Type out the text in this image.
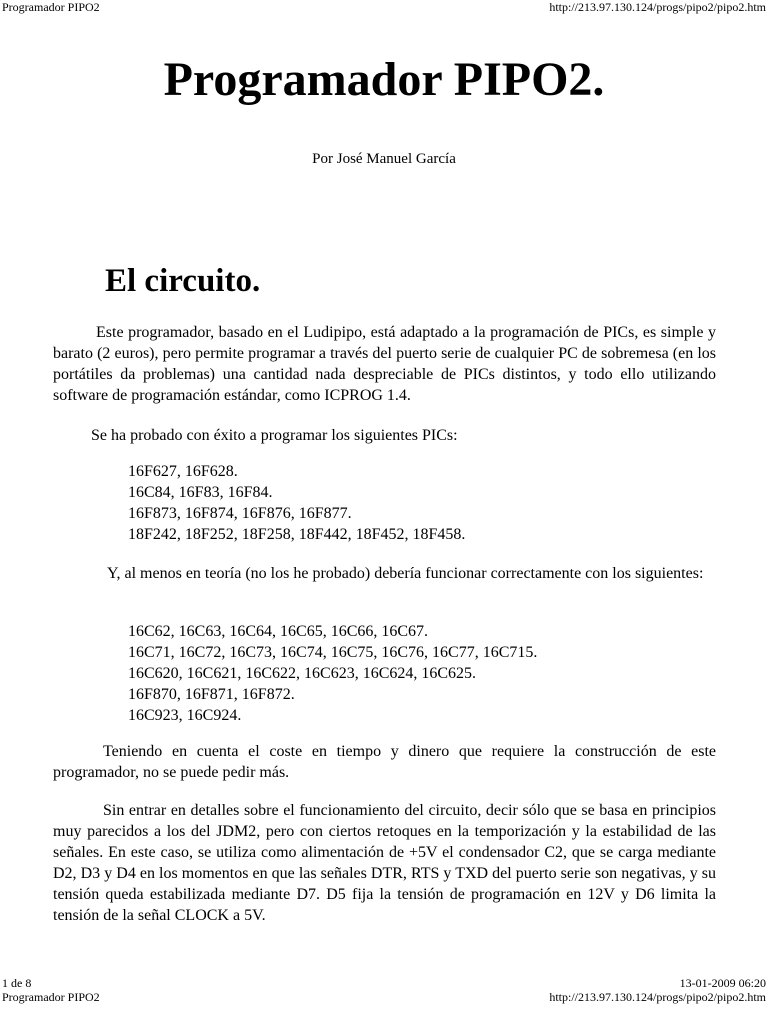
Programador PIPO2	http://213.97.130.124/progs/pipo2/pipo2.htm
Programador PIPO2.
Por José Manuel García
El circuito.
Este programador, basado en el Ludipipo, está adaptado a la programación de PICs, es simple y barato (2 euros), pero permite programar a través del puerto serie de cualquier PC de sobremesa (en los portátiles da problemas) una cantidad nada despreciable de PICs distintos, y todo ello utilizando software de programación estándar, como ICPROG 1.4.
Se ha probado con éxito a programar los siguientes PICs:
16F627, 16F628.
16C84, 16F83, 16F84.
16F873, 16F874, 16F876, 16F877.
18F242, 18F252, 18F258, 18F442, 18F452, 18F458.
Y, al menos en teoría (no los he probado) debería funcionar correctamente con los siguientes:
16C62, 16C63, 16C64, 16C65, 16C66, 16C67.
16C71, 16C72, 16C73, 16C74, 16C75, 16C76, 16C77, 16C715.
16C620, 16C621, 16C622, 16C623, 16C624, 16C625.
16F870, 16F871, 16F872.
16C923, 16C924.
Teniendo en cuenta el coste en tiempo y dinero que requiere la construcción de este programador, no se puede pedir más.
Sin entrar en detalles sobre el funcionamiento del circuito, decir sólo que se basa en principios muy parecidos a los del JDM2, pero con ciertos retoques en la temporización y la estabilidad de las señales. En este caso, se utiliza como alimentación de +5V el condensador C2, que se carga mediante D2, D3 y D4 en los momentos en que las señales DTR, RTS y TXD del puerto serie son negativas, y su tensión queda estabilizada mediante D7. D5 fija la tensión de programación en 12V y D6 limita la tensión de la señal CLOCK a 5V.
1 de 8	13-01-2009 06:20
Programador PIPO2	http://213.97.130.124/progs/pipo2/pipo2.htm
